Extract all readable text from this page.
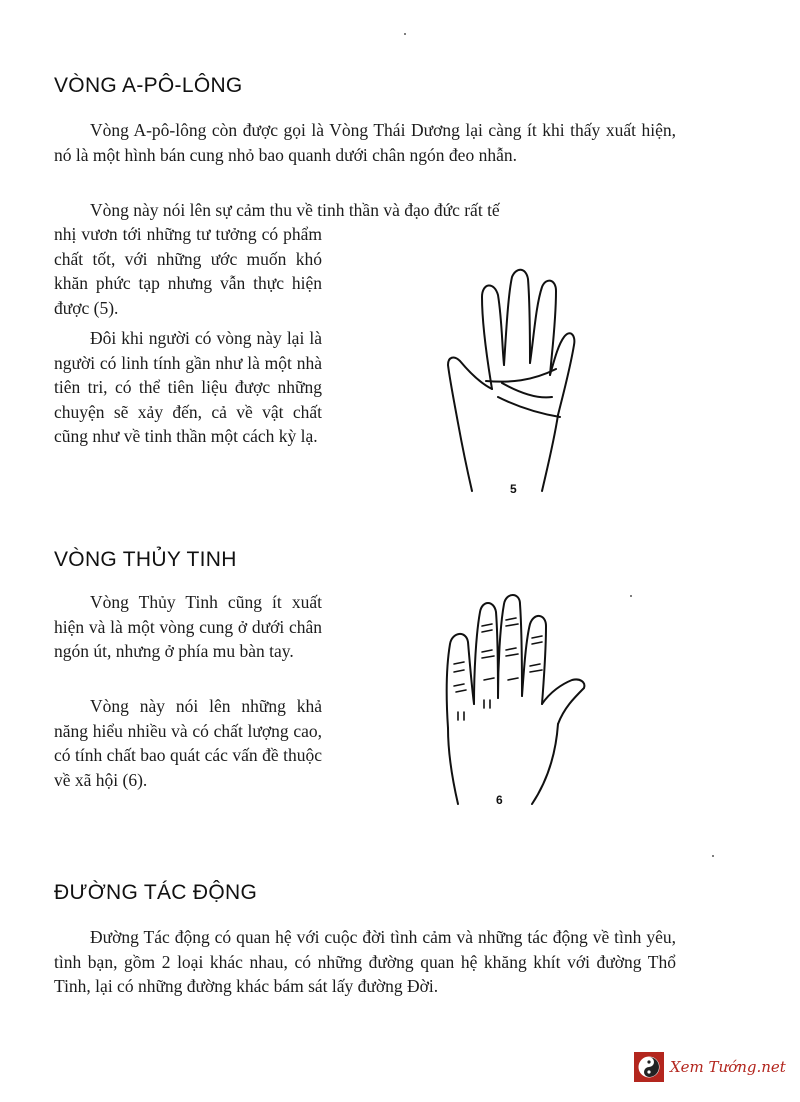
VÒNG A-PÔ-LÔNG

Vòng A-pô-lông còn được gọi là Vòng Thái Dương lại càng ít khi thấy xuất hiện, nó là một hình bán cung nhỏ bao quanh dưới chân ngón đeo nhẫn.

Vòng này nói lên sự cảm thu về tinh thần và đạo đức rất tế

nhị vươn tới những tư tưởng có phẩm chất tốt, với những ước muốn khó khăn phức tạp nhưng vẫn thực hiện được (5).

Đôi khi người có vòng này lại là người có linh tính gần như là một nhà tiên tri, có thể tiên liệu được những chuyện sẽ xảy đến, cả về vật chất cũng như về tinh thần một cách kỳ lạ.

5
VÒNG THỦY TINH

Vòng Thủy Tinh cũng ít xuất hiện và là một vòng cung ở dưới chân ngón út, nhưng ở phía mu bàn tay.

Vòng này nói lên những khả năng hiểu nhiều và có chất lượng cao, có tính chất bao quát các vấn đề thuộc về xã hội (6).

6
ĐƯỜNG TÁC ĐỘNG

Đường Tác động có quan hệ với cuộc đời tình cảm và những tác động về tình yêu, tình bạn, gồm 2 loại khác nhau, có những đường quan hệ khăng khít với đường Thổ Tinh, lại có những đường khác bám sát lấy đường Đời.

Xem Tướng.net
